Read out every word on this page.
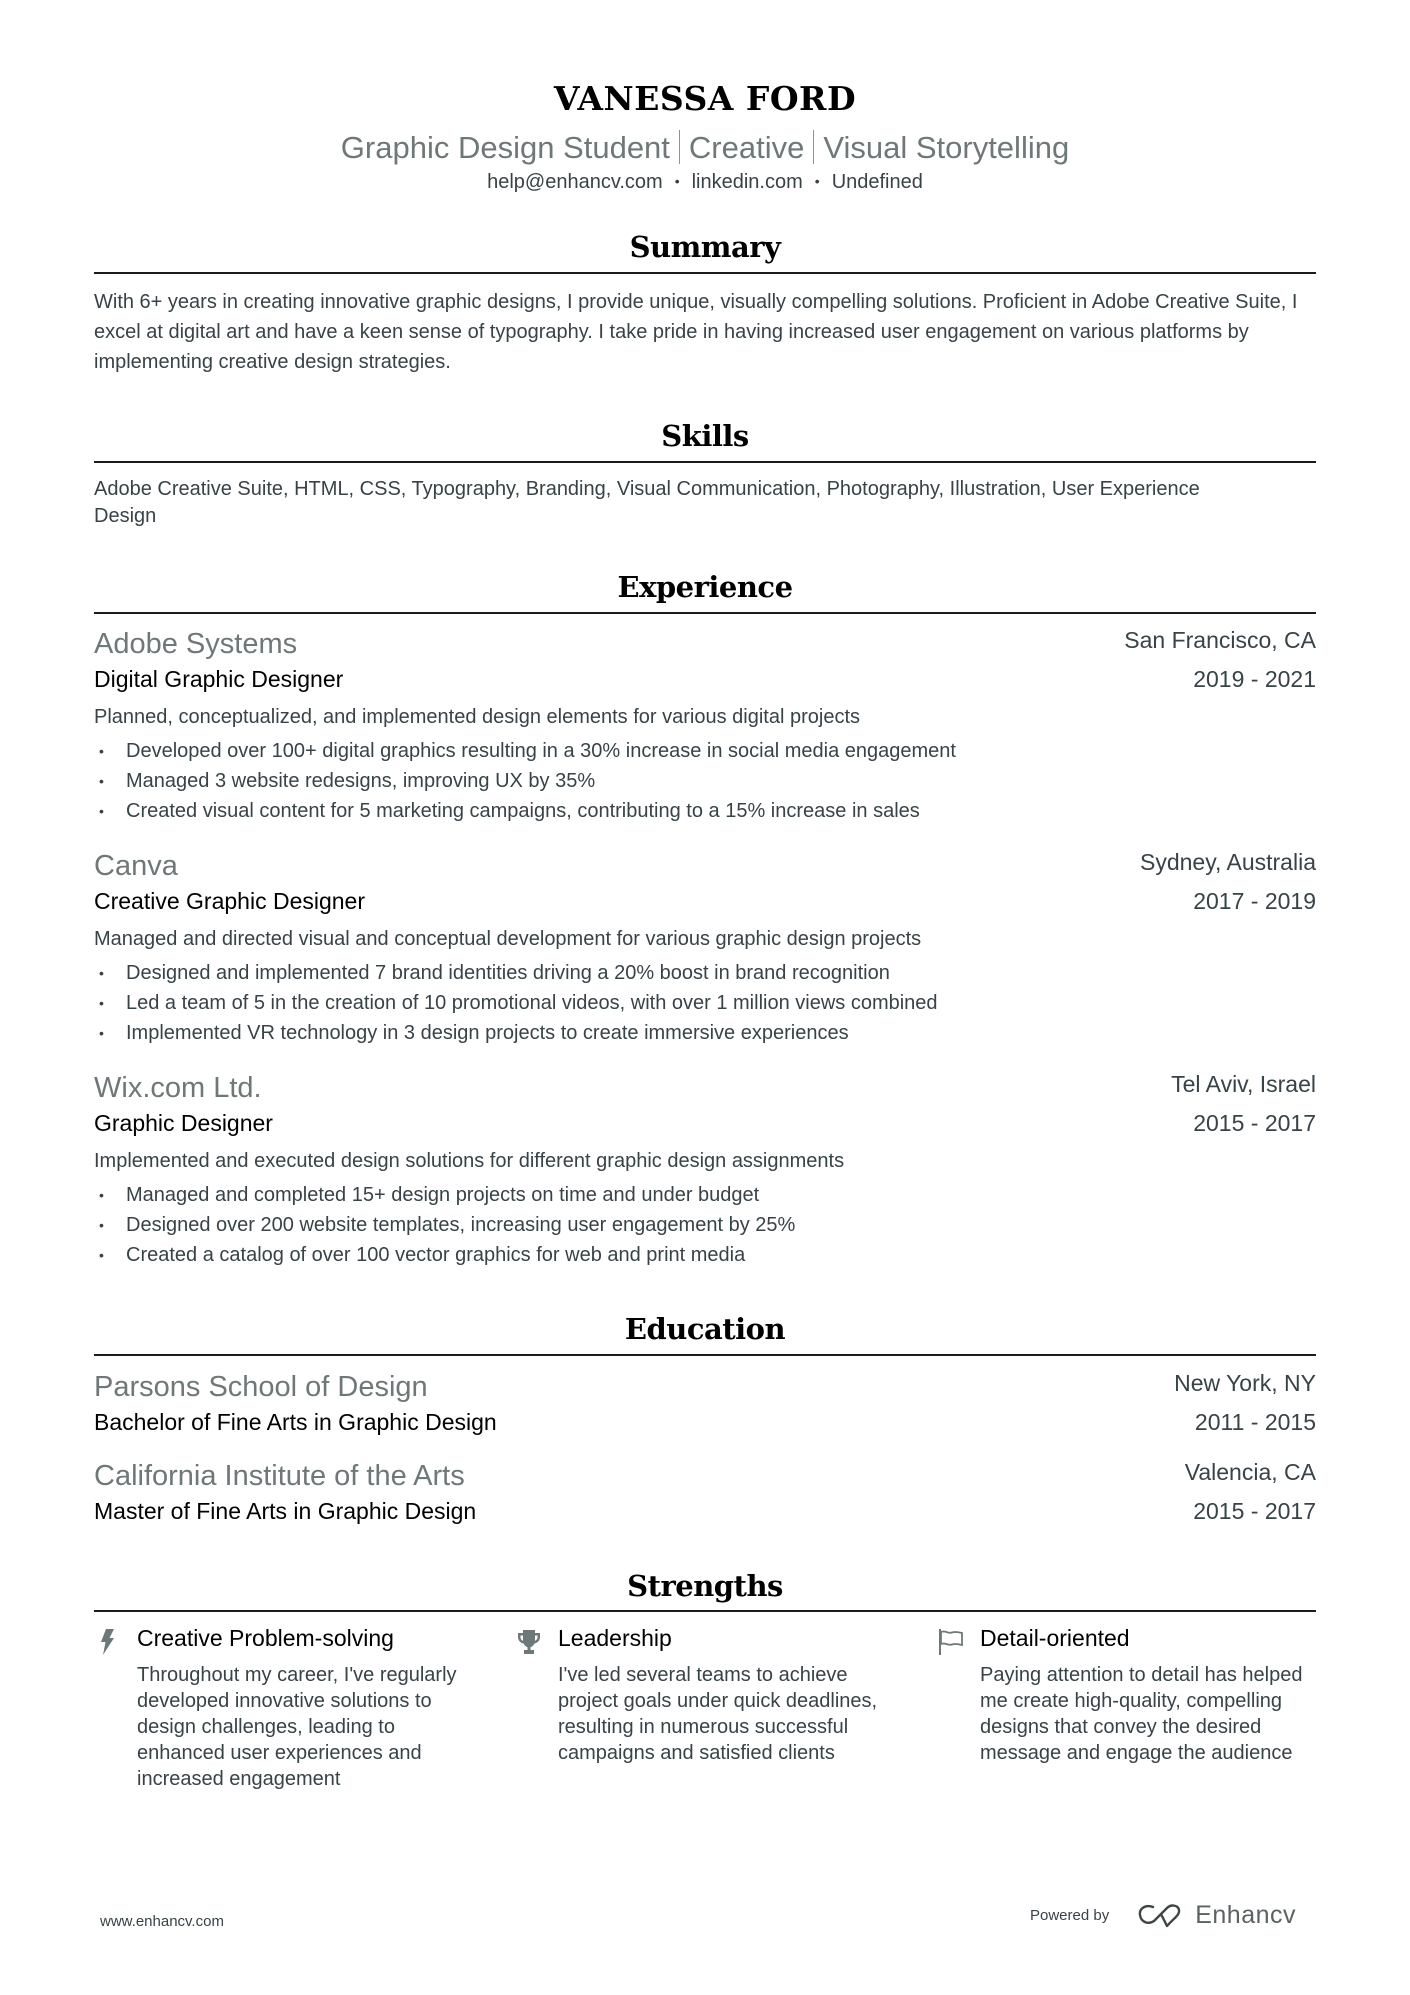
VANESSA FORD
Graphic Design Student Creative Visual Storytelling
help@enhancv.com • linkedin.com • Undefined
Summary
With 6+ years in creating innovative graphic designs, I provide unique, visually compelling solutions. Proficient in Adobe Creative Suite, I excel at digital art and have a keen sense of typography. I take pride in having increased user engagement on various platforms by implementing creative design strategies.
Skills
Adobe Creative Suite, HTML, CSS, Typography, Branding, Visual Communication, Photography, Illustration, User Experience Design
Experience
Adobe Systems	San Francisco, CA
Digital Graphic Designer	2019 - 2021
Planned, conceptualized, and implemented design elements for various digital projects
• Developed over 100+ digital graphics resulting in a 30% increase in social media engagement
• Managed 3 website redesigns, improving UX by 35%
• Created visual content for 5 marketing campaigns, contributing to a 15% increase in sales
Canva	Sydney, Australia
Creative Graphic Designer	2017 - 2019
Managed and directed visual and conceptual development for various graphic design projects
• Designed and implemented 7 brand identities driving a 20% boost in brand recognition
• Led a team of 5 in the creation of 10 promotional videos, with over 1 million views combined
• Implemented VR technology in 3 design projects to create immersive experiences
Wix.com Ltd.	Tel Aviv, Israel
Graphic Designer	2015 - 2017
Implemented and executed design solutions for different graphic design assignments
• Managed and completed 15+ design projects on time and under budget
• Designed over 200 website templates, increasing user engagement by 25%
• Created a catalog of over 100 vector graphics for web and print media
Education
Parsons School of Design	New York, NY
Bachelor of Fine Arts in Graphic Design	2011 - 2015
California Institute of the Arts	Valencia, CA
Master of Fine Arts in Graphic Design	2015 - 2017
Strengths
Creative Problem-solving
Throughout my career, I've regularly developed innovative solutions to design challenges, leading to enhanced user experiences and increased engagement
Leadership
I've led several teams to achieve project goals under quick deadlines, resulting in numerous successful campaigns and satisfied clients
Detail-oriented
Paying attention to detail has helped me create high-quality, compelling designs that convey the desired message and engage the audience
www.enhancv.com	Powered by	Enhancv
